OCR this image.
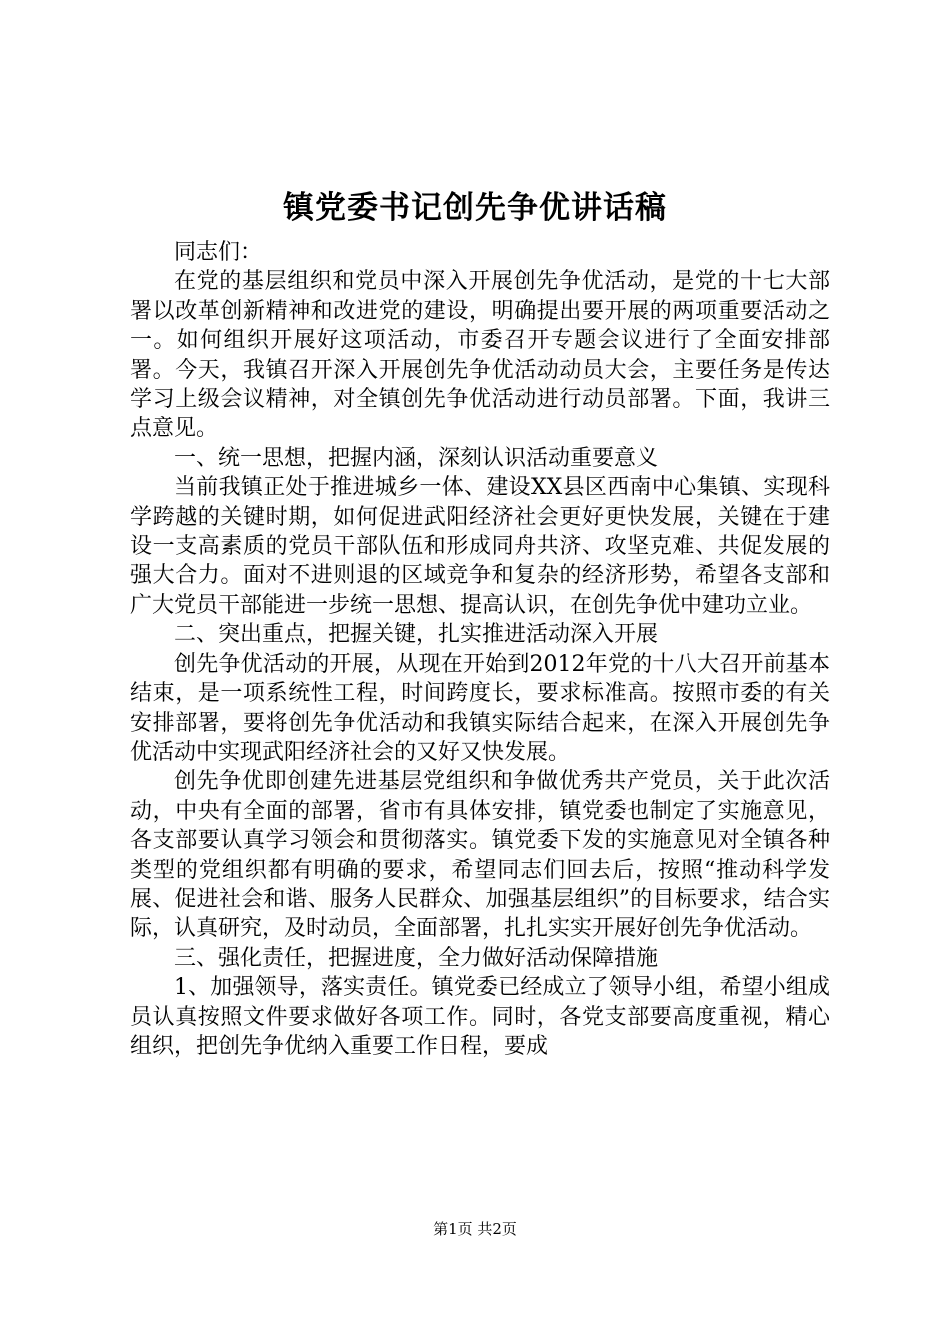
镇党委书记创先争优讲话稿

同志们：

在党的基层组织和党员中深入开展创先争优活动，是党的十七大部署以改革创新精神和改进党的建设，明确提出要开展的两项重要活动之一。如何组织开展好这项活动，市委召开专题会议进行了全面安排部署。今天，我镇召开深入开展创先争优活动动员大会，主要任务是传达学习上级会议精神，对全镇创先争优活动进行动员部署。下面，我讲三点意见。

一、统一思想，把握内涵，深刻认识活动重要意义

当前我镇正处于推进城乡一体、建设XX县区西南中心集镇、实现科学跨越的关键时期，如何促进武阳经济社会更好更快发展，关键在于建设一支高素质的党员干部队伍和形成同舟共济、攻坚克难、共促发展的强大合力。面对不进则退的区域竞争和复杂的经济形势，希望各支部和广大党员干部能进一步统一思想、提高认识，在创先争优中建功立业。

二、突出重点，把握关键，扎实推进活动深入开展

创先争优活动的开展，从现在开始到2012年党的十八大召开前基本结束，是一项系统性工程，时间跨度长，要求标准高。按照市委的有关安排部署，要将创先争优活动和我镇实际结合起来，在深入开展创先争优活动中实现武阳经济社会的又好又快发展。

创先争优即创建先进基层党组织和争做优秀共产党员，关于此次活动，中央有全面的部署，省市有具体安排，镇党委也制定了实施意见，各支部要认真学习领会和贯彻落实。镇党委下发的实施意见对全镇各种类型的党组织都有明确的要求，希望同志们回去后，按照“推动科学发展、促进社会和谐、服务人民群众、加强基层组织”的目标要求，结合实际，认真研究，及时动员，全面部署，扎扎实实开展好创先争优活动。

三、强化责任，把握进度，全力做好活动保障措施

1、加强领导，落实责任。镇党委已经成立了领导小组，希望小组成员认真按照文件要求做好各项工作。同时，各党支部要高度重视，精心组织，把创先争优纳入重要工作日程，要成

第1页 共2页
